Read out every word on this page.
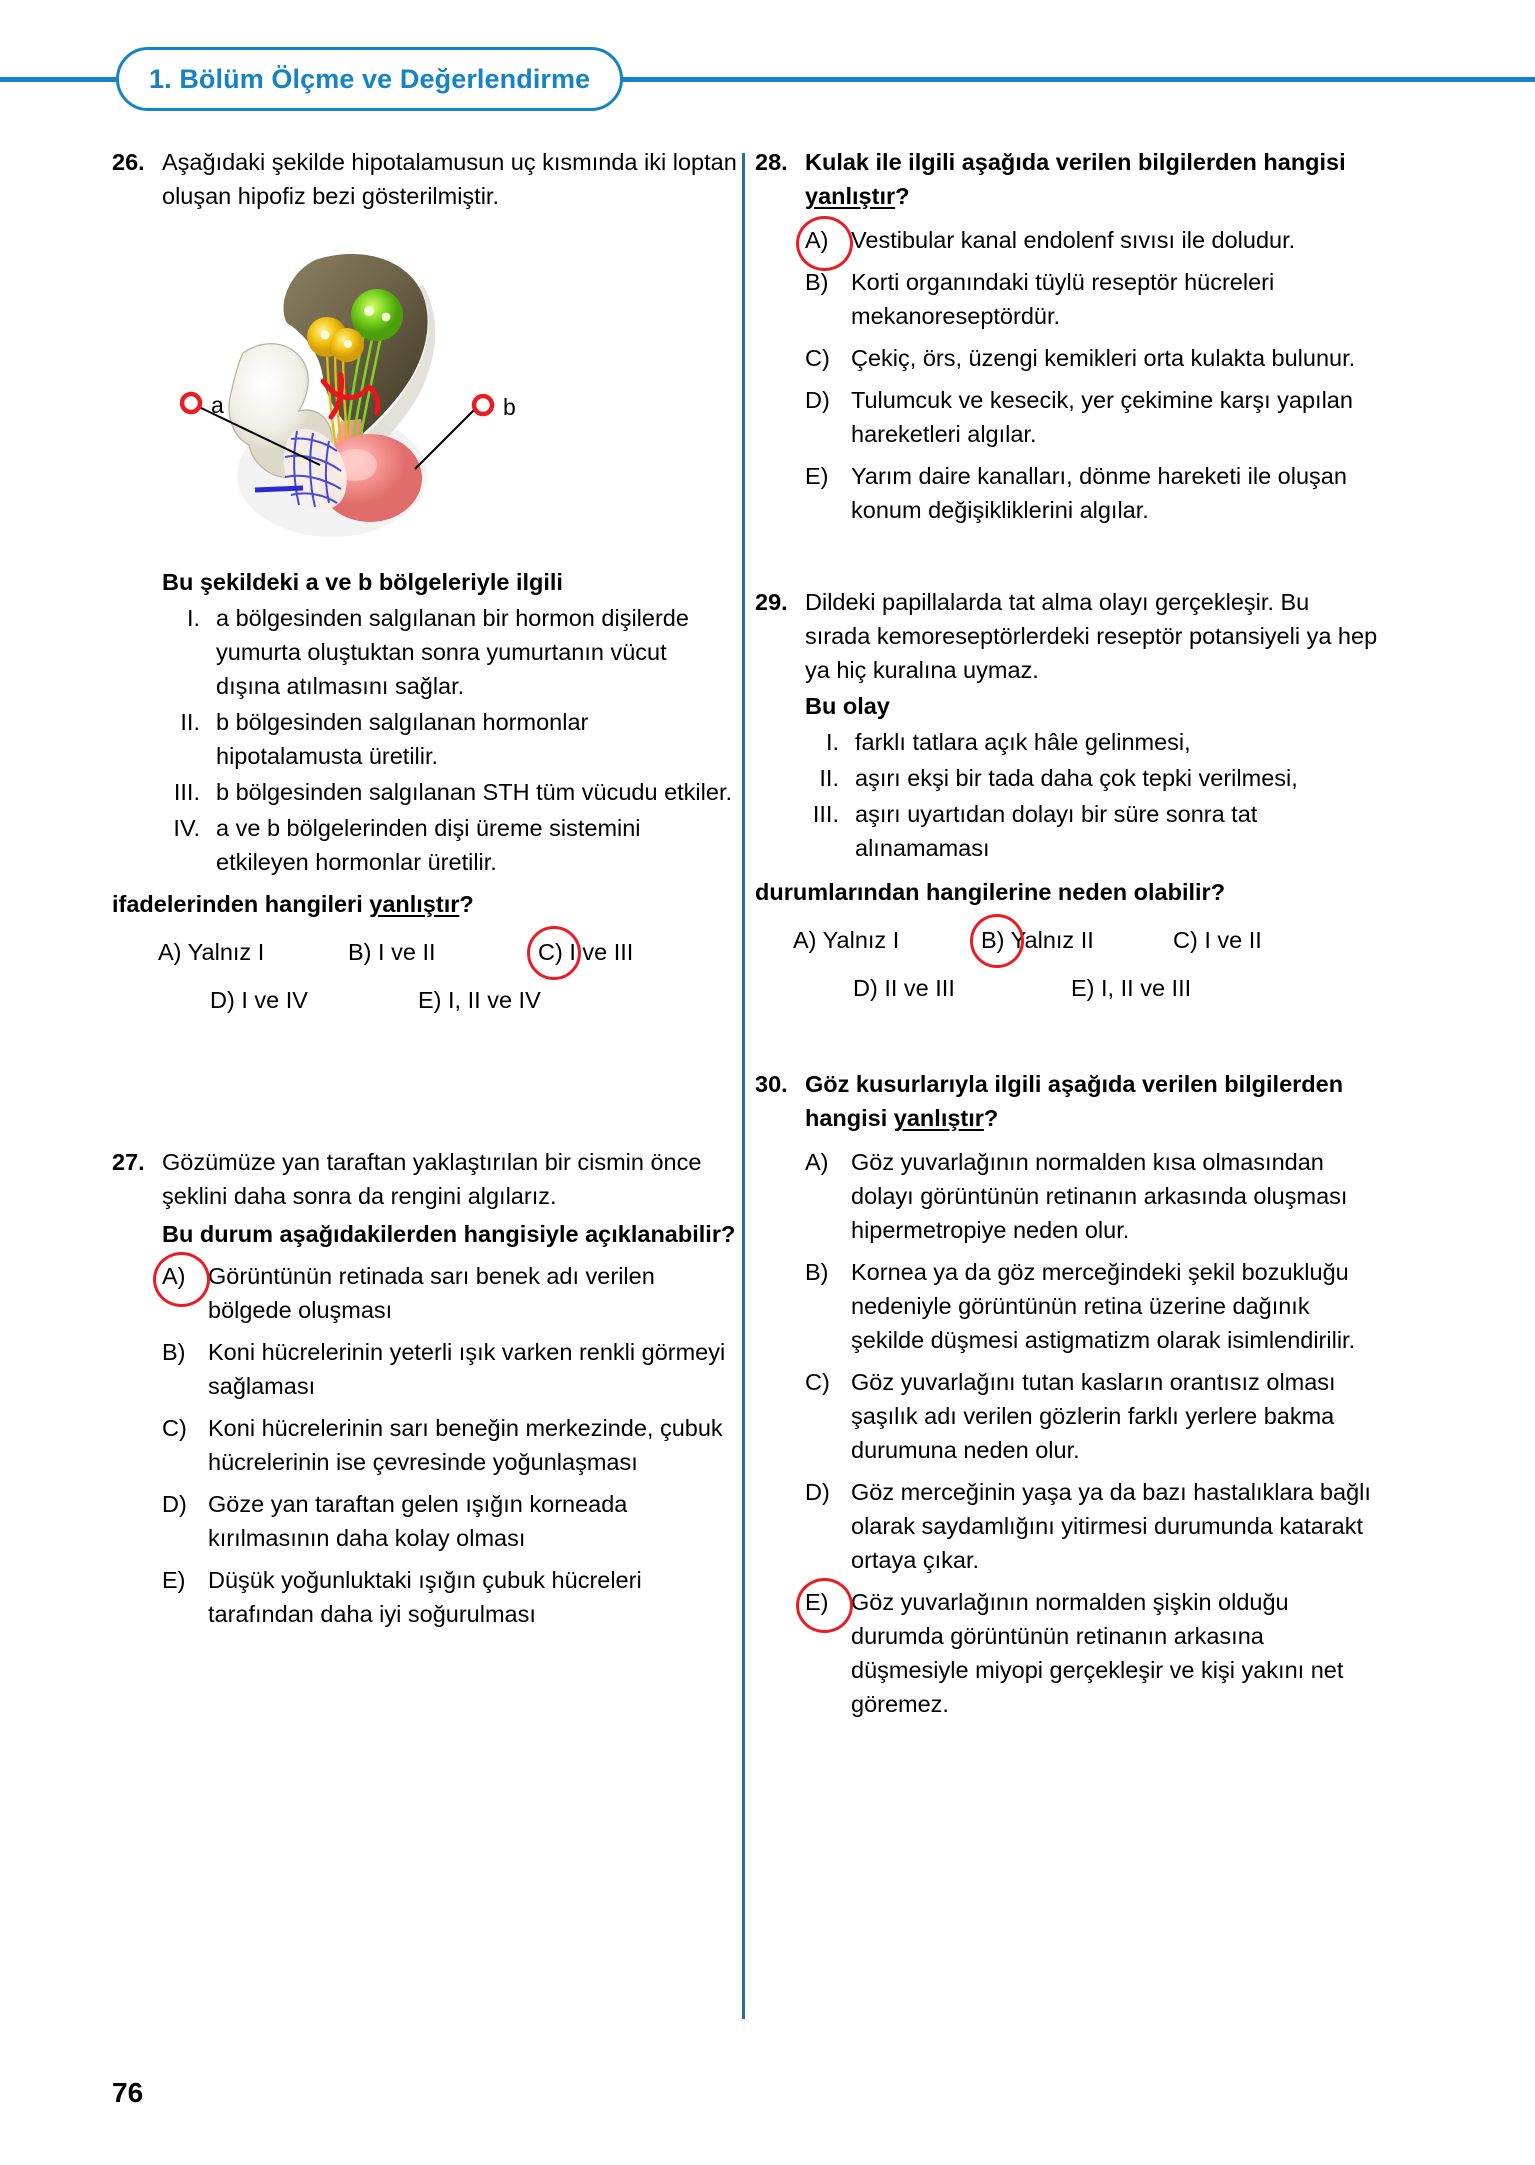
1. Bölüm Ölçme ve Değerlendirme
26. Aşağıdaki şekilde hipotalamusun uç kısmında iki loptan oluşan hipofiz bezi gösterilmiştir.
a	b
Bu şekildeki a ve b bölgeleriyle ilgili
I. a bölgesinden salgılanan bir hormon dişilerde yumurta oluştuktan sonra yumurtanın vücut dışına atılmasını sağlar.
II. b bölgesinden salgılanan hormonlar hipotalamusta üretilir.
III. b bölgesinden salgılanan STH tüm vücudu etkiler.
IV. a ve b bölgelerinden dişi üreme sistemini etkileyen hormonlar üretilir.
ifadelerinden hangileri yanlıştır?
A) Yalnız I	B) I ve II	C) I ve III
D) I ve IV	E) I, II ve IV
27. Gözümüze yan taraftan yaklaştırılan bir cismin önce şeklini daha sonra da rengini algılarız.
Bu durum aşağıdakilerden hangisiyle açıklanabilir?
A) Görüntünün retinada sarı benek adı verilen bölgede oluşması
B) Koni hücrelerinin yeterli ışık varken renkli görmeyi sağlaması
C) Koni hücrelerinin sarı beneğin merkezinde, çubuk hücrelerinin ise çevresinde yoğunlaşması
D) Göze yan taraftan gelen ışığın korneada kırılmasının daha kolay olması
E) Düşük yoğunluktaki ışığın çubuk hücreleri tarafından daha iyi soğurulması
28. Kulak ile ilgili aşağıda verilen bilgilerden hangisi yanlıştır?
A) Vestibular kanal endolenf sıvısı ile doludur.
B) Korti organındaki tüylü reseptör hücreleri mekanoreseptördür.
C) Çekiç, örs, üzengi kemikleri orta kulakta bulunur.
D) Tulumcuk ve kesecik, yer çekimine karşı yapılan hareketleri algılar.
E) Yarım daire kanalları, dönme hareketi ile oluşan konum değişikliklerini algılar.
29. Dildeki papillalarda tat alma olayı gerçekleşir. Bu sırada kemoreseptörlerdeki reseptör potansiyeli ya hep ya hiç kuralına uymaz.
Bu olay
I. farklı tatlara açık hâle gelinmesi,
II. aşırı ekşi bir tada daha çok tepki verilmesi,
III. aşırı uyartıdan dolayı bir süre sonra tat alınamaması
durumlarından hangilerine neden olabilir?
A) Yalnız I	B) Yalnız II	C) I ve II
D) II ve III	E) I, II ve III
30. Göz kusurlarıyla ilgili aşağıda verilen bilgilerden hangisi yanlıştır?
A) Göz yuvarlağının normalden kısa olmasından dolayı görüntünün retinanın arkasında oluşması hipermetropiye neden olur.
B) Kornea ya da göz merceğindeki şekil bozukluğu nedeniyle görüntünün retina üzerine dağınık şekilde düşmesi astigmatizm olarak isimlendirilir.
C) Göz yuvarlağını tutan kasların orantısız olması şaşılık adı verilen gözlerin farklı yerlere bakma durumuna neden olur.
D) Göz merceğinin yaşa ya da bazı hastalıklara bağlı olarak saydamlığını yitirmesi durumunda katarakt ortaya çıkar.
E) Göz yuvarlağının normalden şişkin olduğu durumda görüntünün retinanın arkasına düşmesiyle miyopi gerçekleşir ve kişi yakını net göremez.
76
